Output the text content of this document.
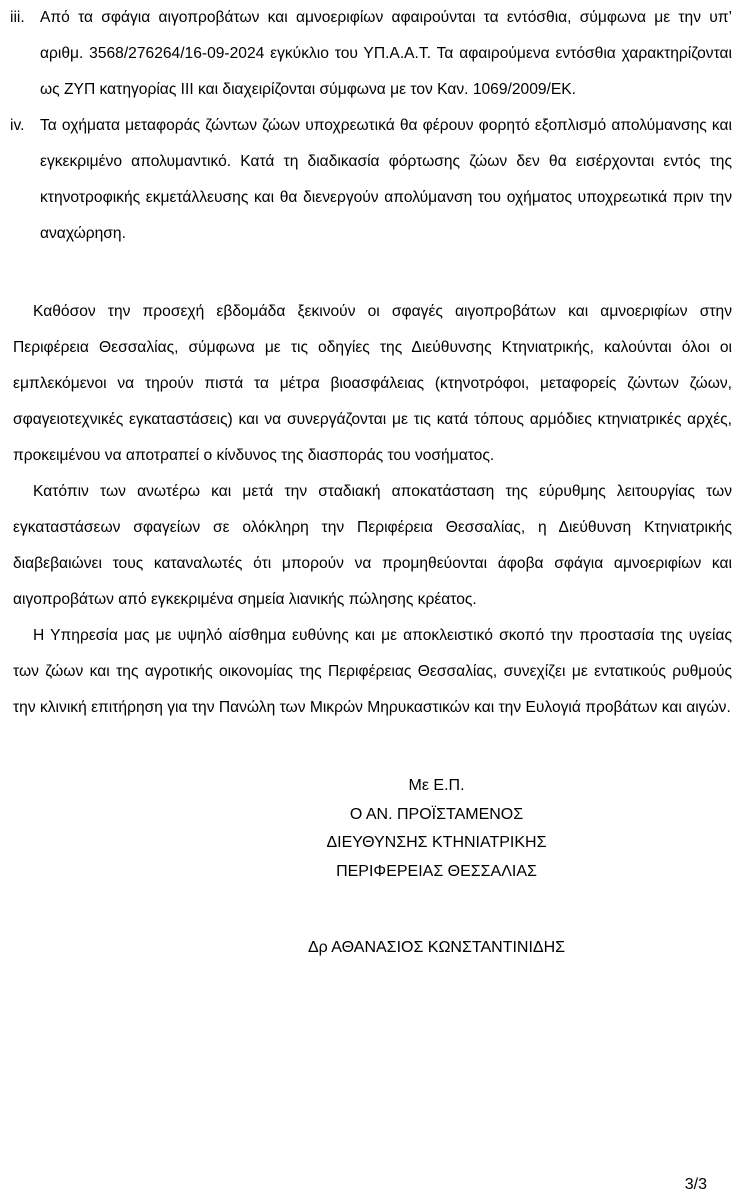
iii. Από τα σφάγια αιγοπροβάτων και αμνοεριφίων αφαιρούνται τα εντόσθια, σύμφωνα με την υπ’ αριθμ. 3568/276264/16-09-2024 εγκύκλιο του ΥΠ.Α.Α.Τ. Τα αφαιρούμενα εντόσθια χαρακτηρίζονται ως ΖΥΠ κατηγορίας ΙΙΙ και διαχειρίζονται σύμφωνα με τον Καν. 1069/2009/ΕΚ.
iv. Τα οχήματα μεταφοράς ζώντων ζώων υποχρεωτικά θα φέρουν φορητό εξοπλισμό απολύμανσης και εγκεκριμένο απολυμαντικό. Κατά τη διαδικασία φόρτωσης ζώων δεν θα εισέρχονται εντός της κτηνοτροφικής εκμετάλλευσης και θα διενεργούν απολύμανση του οχήματος υποχρεωτικά πριν την αναχώρηση.

Καθόσον την προσεχή εβδομάδα ξεκινούν οι σφαγές αιγοπροβάτων και αμνοεριφίων στην Περιφέρεια Θεσσαλίας, σύμφωνα με τις οδηγίες της Διεύθυνσης Κτηνιατρικής, καλούνται όλοι οι εμπλεκόμενοι να τηρούν πιστά τα μέτρα βιοασφάλειας (κτηνοτρόφοι, μεταφορείς ζώντων ζώων, σφαγειοτεχνικές εγκαταστάσεις) και να συνεργάζονται με τις κατά τόπους αρμόδιες κτηνιατρικές αρχές, προκειμένου να αποτραπεί ο κίνδυνος της διασποράς του νοσήματος.

Κατόπιν των ανωτέρω και μετά την σταδιακή αποκατάσταση της εύρυθμης λειτουργίας των εγκαταστάσεων σφαγείων σε ολόκληρη την Περιφέρεια Θεσσαλίας, η Διεύθυνση Κτηνιατρικής διαβεβαιώνει τους καταναλωτές ότι μπορούν να προμηθεύονται άφοβα σφάγια αμνοεριφίων και αιγοπροβάτων από εγκεκριμένα σημεία λιανικής πώλησης κρέατος.

Η Υπηρεσία μας με υψηλό αίσθημα ευθύνης και με αποκλειστικό σκοπό την προστασία της υγείας των ζώων και της αγροτικής οικονομίας της Περιφέρειας Θεσσαλίας, συνεχίζει με εντατικούς ρυθμούς την κλινική επιτήρηση για την Πανώλη των Μικρών Μηρυκαστικών και την Ευλογιά προβάτων και αιγών.

Με Ε.Π.
Ο ΑΝ. ΠΡΟΪΣΤΑΜΕΝΟΣ
ΔΙΕΥΘΥΝΣΗΣ ΚΤΗΝΙΑΤΡΙΚΗΣ
ΠΕΡΙΦΕΡΕΙΑΣ ΘΕΣΣΑΛΙΑΣ
Δρ ΑΘΑΝΑΣΙΟΣ ΚΩΝΣΤΑΝΤΙΝΙΔΗΣ
3/3
